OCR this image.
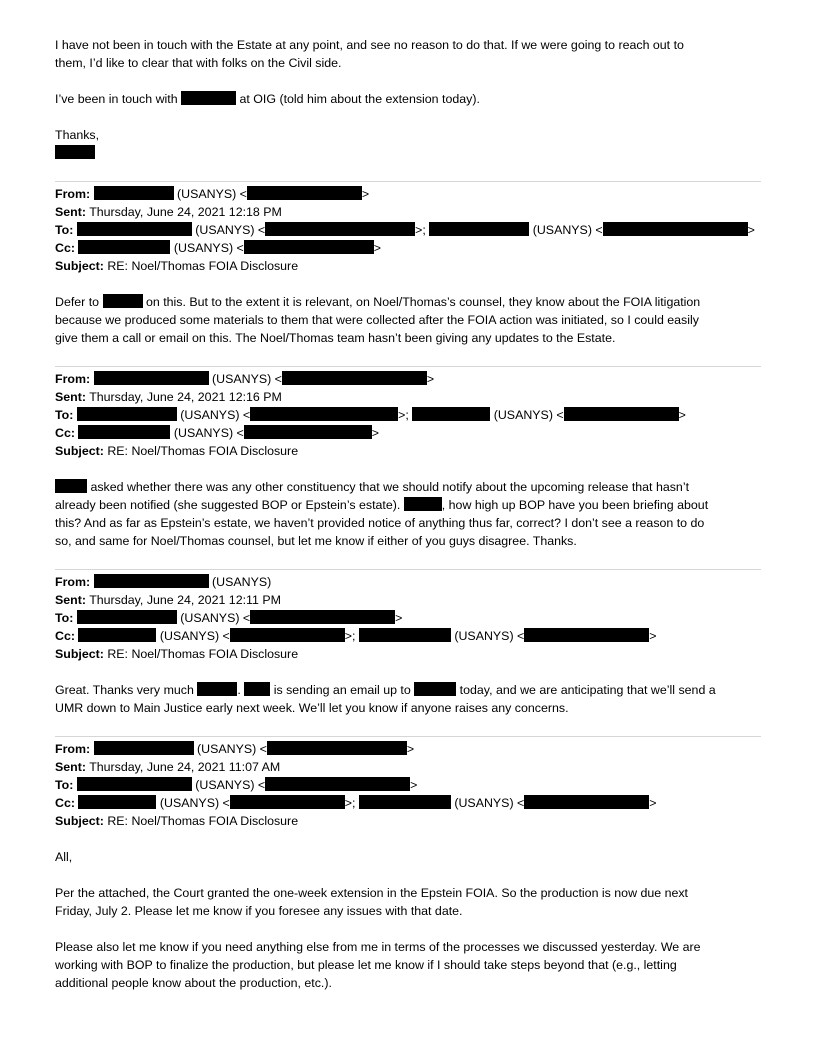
I have not been in touch with the Estate at any point, and see no reason to do that. If we were going to reach out to
them, I’d like to clear that with folks on the Civil side.
I’ve been in touch with	at OIG (told him about the extension today).
Thanks,
From:	(USANYS) <	>
Sent: Thursday, June 24, 2021 12:18 PM
To:	(USANYS) <	>;	(USANYS) <	>
Cc:	(USANYS) <	>
Subject: RE: Noel/Thomas FOIA Disclosure
Defer to	on this. But to the extent it is relevant, on Noel/Thomas’s counsel, they know about the FOIA litigation
because we produced some materials to them that were collected after the FOIA action was initiated, so I could easily
give them a call or email on this. The Noel/Thomas team hasn’t been giving any updates to the Estate.
From:	(USANYS) <	>
Sent: Thursday, June 24, 2021 12:16 PM
To:	(USANYS) <	>;	(USANYS) <	>
Cc:	(USANYS) <	>
Subject: RE: Noel/Thomas FOIA Disclosure
asked whether there was any other constituency that we should notify about the upcoming release that hasn’t
already been notified (she suggested BOP or Epstein’s estate).	, how high up BOP have you been briefing about
this? And as far as Epstein’s estate, we haven’t provided notice of anything thus far, correct? I don’t see a reason to do
so, and same for Noel/Thomas counsel, but let me know if either of you guys disagree. Thanks.
From:	(USANYS)
Sent: Thursday, June 24, 2021 12:11 PM
To:	(USANYS) <	>
Cc:	(USANYS) <	>;	(USANYS) <	>
Subject: RE: Noel/Thomas FOIA Disclosure
Great. Thanks very much	.	is sending an email up to	today, and we are anticipating that we’ll send a
UMR down to Main Justice early next week. We’ll let you know if anyone raises any concerns.
From:	(USANYS) <	>
Sent: Thursday, June 24, 2021 11:07 AM
To:	(USANYS) <	>
Cc:	(USANYS) <	>;	(USANYS) <	>
Subject: RE: Noel/Thomas FOIA Disclosure
All,
Per the attached, the Court granted the one-week extension in the Epstein FOIA. So the production is now due next
Friday, July 2. Please let me know if you foresee any issues with that date.
Please also let me know if you need anything else from me in terms of the processes we discussed yesterday. We are
working with BOP to finalize the production, but please let me know if I should take steps beyond that (e.g., letting
additional people know about the production, etc.).
